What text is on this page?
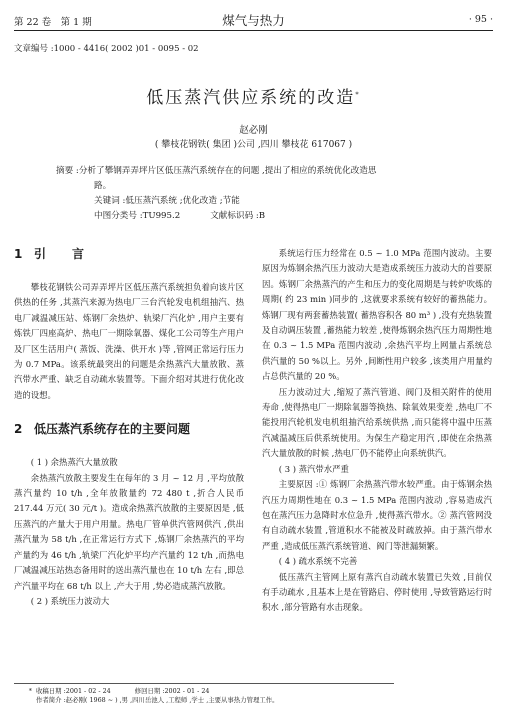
第 22 卷　第 1 期	煤气与热力	· 95 ·
文章编号 :1000 - 4416( 2002 )01 - 0095 - 02
低压蒸汽供应系统的改造*
赵必刚
( 攀枝花钢铁( 集团 )公司 ,四川 攀枝花 617067 )
摘要 :分析了攀钢弄弄坪片区低压蒸汽系统存在的问题 ,提出了相应的系统优化改造思
路。
关键词 :低压蒸汽系统 ;优化改造 ;节能
中图分类号 :TU995.2	文献标识码 :B
1 引 言

攀枝花钢铁公司弄弄坪片区低压蒸汽系统担负着向该片区供热的任务 ,其蒸汽来源为热电厂三台汽轮发电机组抽汽、热电厂减温减压站、炼钢厂余热炉、轨梁厂汽化炉 ,用户主要有炼铁厂四座高炉、热电厂一期除氧器、煤化工公司等生产用户及厂区生活用户( 蒸饭、洗澡、供开水 )等 ,管网正常运行压力为 0.7 MPa。该系统最突出的问题是余热蒸汽大量放散、蒸汽带水严重、缺乏自动疏水装置等。下面介绍对其进行优化改造的设想。

2 低压蒸汽系统存在的主要问题

( 1 ) 余热蒸汽大量放散

余热蒸汽放散主要发生在每年的 3 月 ~ 12 月 ,平均放散蒸汽量约 10 t/h ,全年放散量约 72 480 t ,折合人民币 217.44 万元( 30 元/t )。造成余热蒸汽放散的主要原因是 ,低压蒸汽的产量大于用户用量。热电厂管单供汽管网供汽 ,供出蒸汽量为 58 t/h ,在正常运行方式下 ,炼钢厂余热蒸汽的平均产量约为 46 t/h ,轨梁厂汽化炉平均产汽量约 12 t/h ,而热电厂减温减压站热态备用时的送出蒸汽量也在 10 t/h 左右 ,即总产汽量平均在 68 t/h 以上 ,产大于用 ,势必造成蒸汽放散。

( 2 ) 系统压力波动大

系统运行压力经常在 0.5 ~ 1.0 MPa 范围内波动。主要原因为炼钢余热汽压力波动大是造成系统压力波动大的首要原因。炼钢厂余热蒸汽的产生和压力的变化周期是与转炉吹炼的周期( 约 23 min )同步的 ,这就要求系统有较好的蓄热能力。炼钢厂现有两套蓄热装置( 蓄热容积各 80 m³ ) ,没有充热装置及自动调压装置 ,蓄热能力较差 ,使得炼钢余热汽压力周期性地在 0.3 ~ 1.5 MPa 范围内波动 ,余热汽平均上网量占系统总供汽量的 50 %以上。另外 ,间断性用户较多 ,该类用户用量约占总供汽量的 20 %。

压力波动过大 ,缩短了蒸汽管道、阀门及相关附件的使用寿命 ,使得热电厂一期除氧器等换热、除氧效果变差 ,热电厂不能投用汽轮机发电机组抽汽给系统供热 ,而只能将中温中压蒸汽减温减压后供系统使用。为保生产稳定用汽 ,即使在余热蒸汽大量放散的时候 ,热电厂仍不能停止向系统供汽。

( 3 ) 蒸汽带水严重

主要原因 :① 炼钢厂余热蒸汽带水较严重。由于炼钢余热汽压力周期性地在 0.3 ~ 1.5 MPa 范围内波动 ,容易造成汽包在蒸汽压力急降时水位急升 ,使得蒸汽带水。② 蒸汽管网没有自动疏水装置 ,管道积水不能被及时疏放掉。由于蒸汽带水严重 ,造成低压蒸汽系统管道、阀门等泄漏频繁。

( 4 ) 疏水系统不完善

低压蒸汽主管网上原有蒸汽自动疏水装置已失效 ,目前仅有手动疏水 ,且基本上是在管路启、停时使用 ,导致管路运行时积水 ,部分管路有水击现象。

* 收稿日期 :2001 - 02 - 24	修回日期 :2002 - 01 - 24
作者简介 :赵必刚( 1968 ~ ) ,男 ,四川岳池人 ,工程师 ,学士 ,主要从事热力管理工作。
